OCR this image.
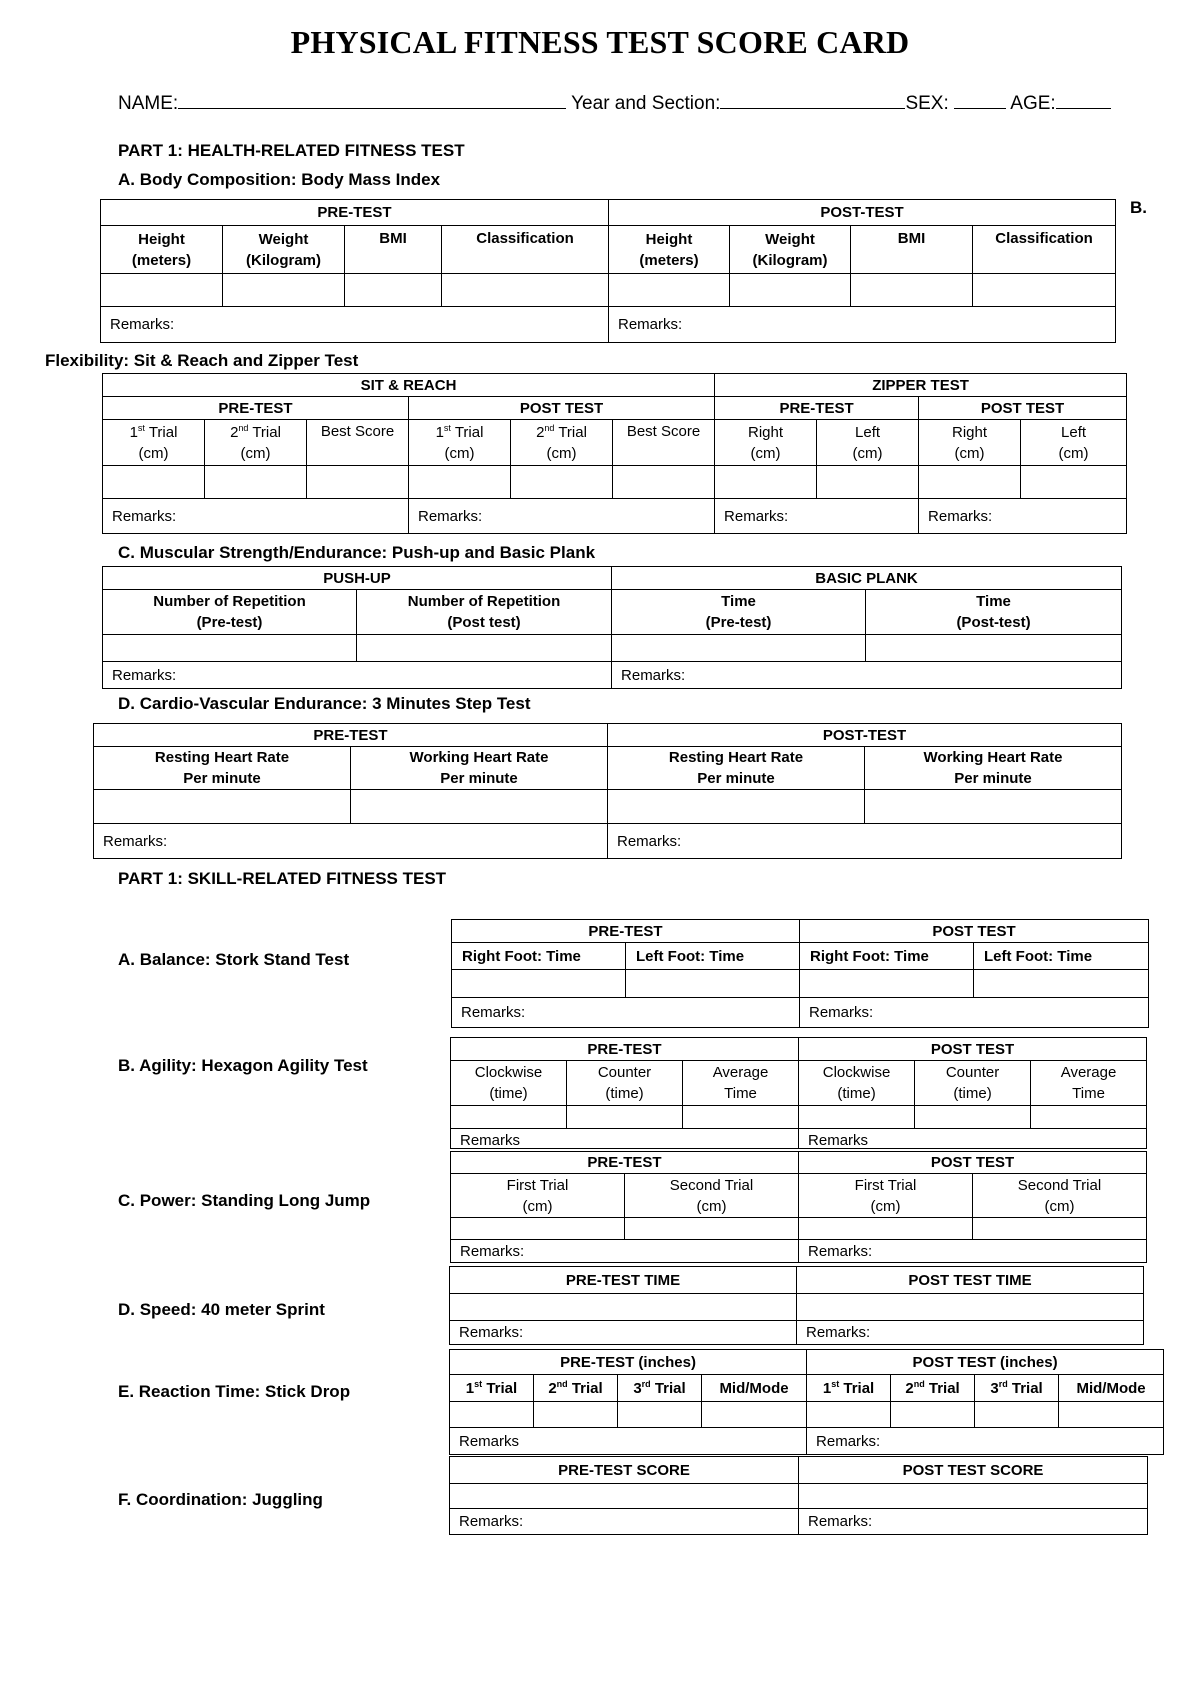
PHYSICAL FITNESS TEST SCORE CARD
NAME:	Year and Section:	SEX:	AGE:
PART 1: HEALTH-RELATED FITNESS TEST
A. Body Composition: Body Mass Index
B.
PRE-TEST				POST-TEST			
Height
(meters)	Weight
(Kilogram)	BMI	Classification	Height
(meters)	Weight
(Kilogram)	BMI	Classification

Remarks:				Remarks:			
Flexibility: Sit & Reach and Zipper Test
SIT & REACH						ZIPPER TEST			
PRE-TEST			POST TEST			PRE-TEST		POST TEST	
1st Trial
(cm)	2nd Trial
(cm)	Best Score	1st Trial
(cm)	2nd Trial
(cm)	Best Score	Right
(cm)	Left
(cm)	Right
(cm)	Left
(cm)

Remarks:			Remarks:			Remarks:		Remarks:	
C. Muscular Strength/Endurance: Push-up and Basic Plank
PUSH-UP		BASIC PLANK	
Number of Repetition
(Pre-test)	Number of Repetition
(Post test)	Time
(Pre-test)	Time
(Post-test)

Remarks:		Remarks:	
D. Cardio-Vascular Endurance: 3 Minutes Step Test
PRE-TEST		POST-TEST	
Resting Heart Rate
Per minute	Working Heart Rate
Per minute	Resting Heart Rate
Per minute	Working Heart Rate
Per minute

Remarks:		Remarks:	
PART 1: SKILL-RELATED FITNESS TEST
A. Balance: Stork Stand Test
PRE-TEST		POST TEST	
Right Foot: Time	Left Foot: Time	Right Foot: Time	Left Foot: Time

Remarks:		Remarks:	
B. Agility: Hexagon Agility Test
PRE-TEST			POST TEST		
Clockwise
(time)	Counter
(time)	Average
Time	Clockwise
(time)	Counter
(time)	Average
Time

Remarks			Remarks		
C. Power: Standing Long Jump
PRE-TEST		POST TEST	
First Trial
(cm)	Second Trial
(cm)	First Trial
(cm)	Second Trial
(cm)

Remarks:		Remarks:	
D. Speed: 40 meter Sprint
PRE-TEST TIME	POST TEST TIME

Remarks:	Remarks:
E. Reaction Time: Stick Drop
PRE-TEST (inches)				POST TEST (inches)			
1st Trial	2nd Trial	3rd Trial	Mid/Mode	1st Trial	2nd Trial	3rd Trial	Mid/Mode

Remarks				Remarks:			
F. Coordination: Juggling
PRE-TEST SCORE	POST TEST SCORE

Remarks:	Remarks:
